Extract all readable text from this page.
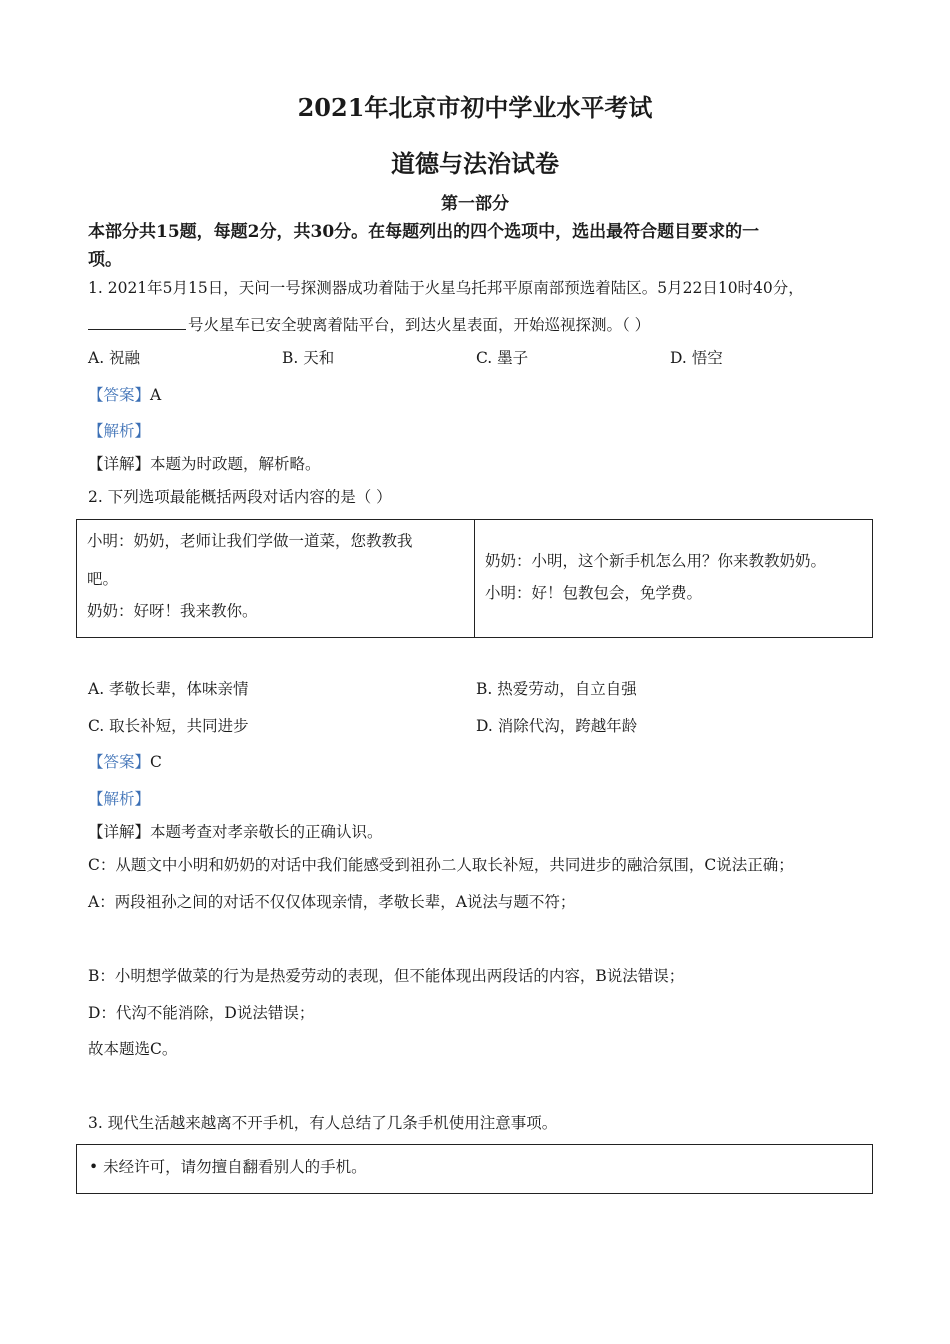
2021年北京市初中学业水平考试
道德与法治试卷
第一部分
本部分共15题，每题2分，共30分。在每题列出的四个选项中，选出最符合题目要求的一
项。
1. 2021年5月15日，天问一号探测器成功着陆于火星乌托邦平原南部预选着陆区。5月22日10时40分，
号火星车已安全驶离着陆平台，到达火星表面，开始巡视探测。（ ）
A. 祝融	B. 天和	C. 墨子	D. 悟空
【答案】A
【解析】
【详解】本题为时政题，解析略。
2. 下列选项最能概括两段对话内容的是（ ）
小明：奶奶，老师让我们学做一道菜，您教教我
吧。
奶奶：好呀！我来教你。
奶奶：小明，这个新手机怎么用？你来教教奶奶。
小明：好！包教包会，免学费。
A. 孝敬长辈，体味亲情	B. 热爱劳动，自立自强
C. 取长补短，共同进步	D. 消除代沟，跨越年龄
【答案】C
【解析】
【详解】本题考查对孝亲敬长的正确认识。
C：从题文中小明和奶奶的对话中我们能感受到祖孙二人取长补短，共同进步的融洽氛围，C说法正确；
A：两段祖孙之间的对话不仅仅体现亲情，孝敬长辈，A说法与题不符；
B：小明想学做菜的行为是热爱劳动的表现，但不能体现出两段话的内容，B说法错误；
D：代沟不能消除，D说法错误；
故本题选C。
3. 现代生活越来越离不开手机，有人总结了几条手机使用注意事项。
• 未经许可，请勿擅自翻看别人的手机。
